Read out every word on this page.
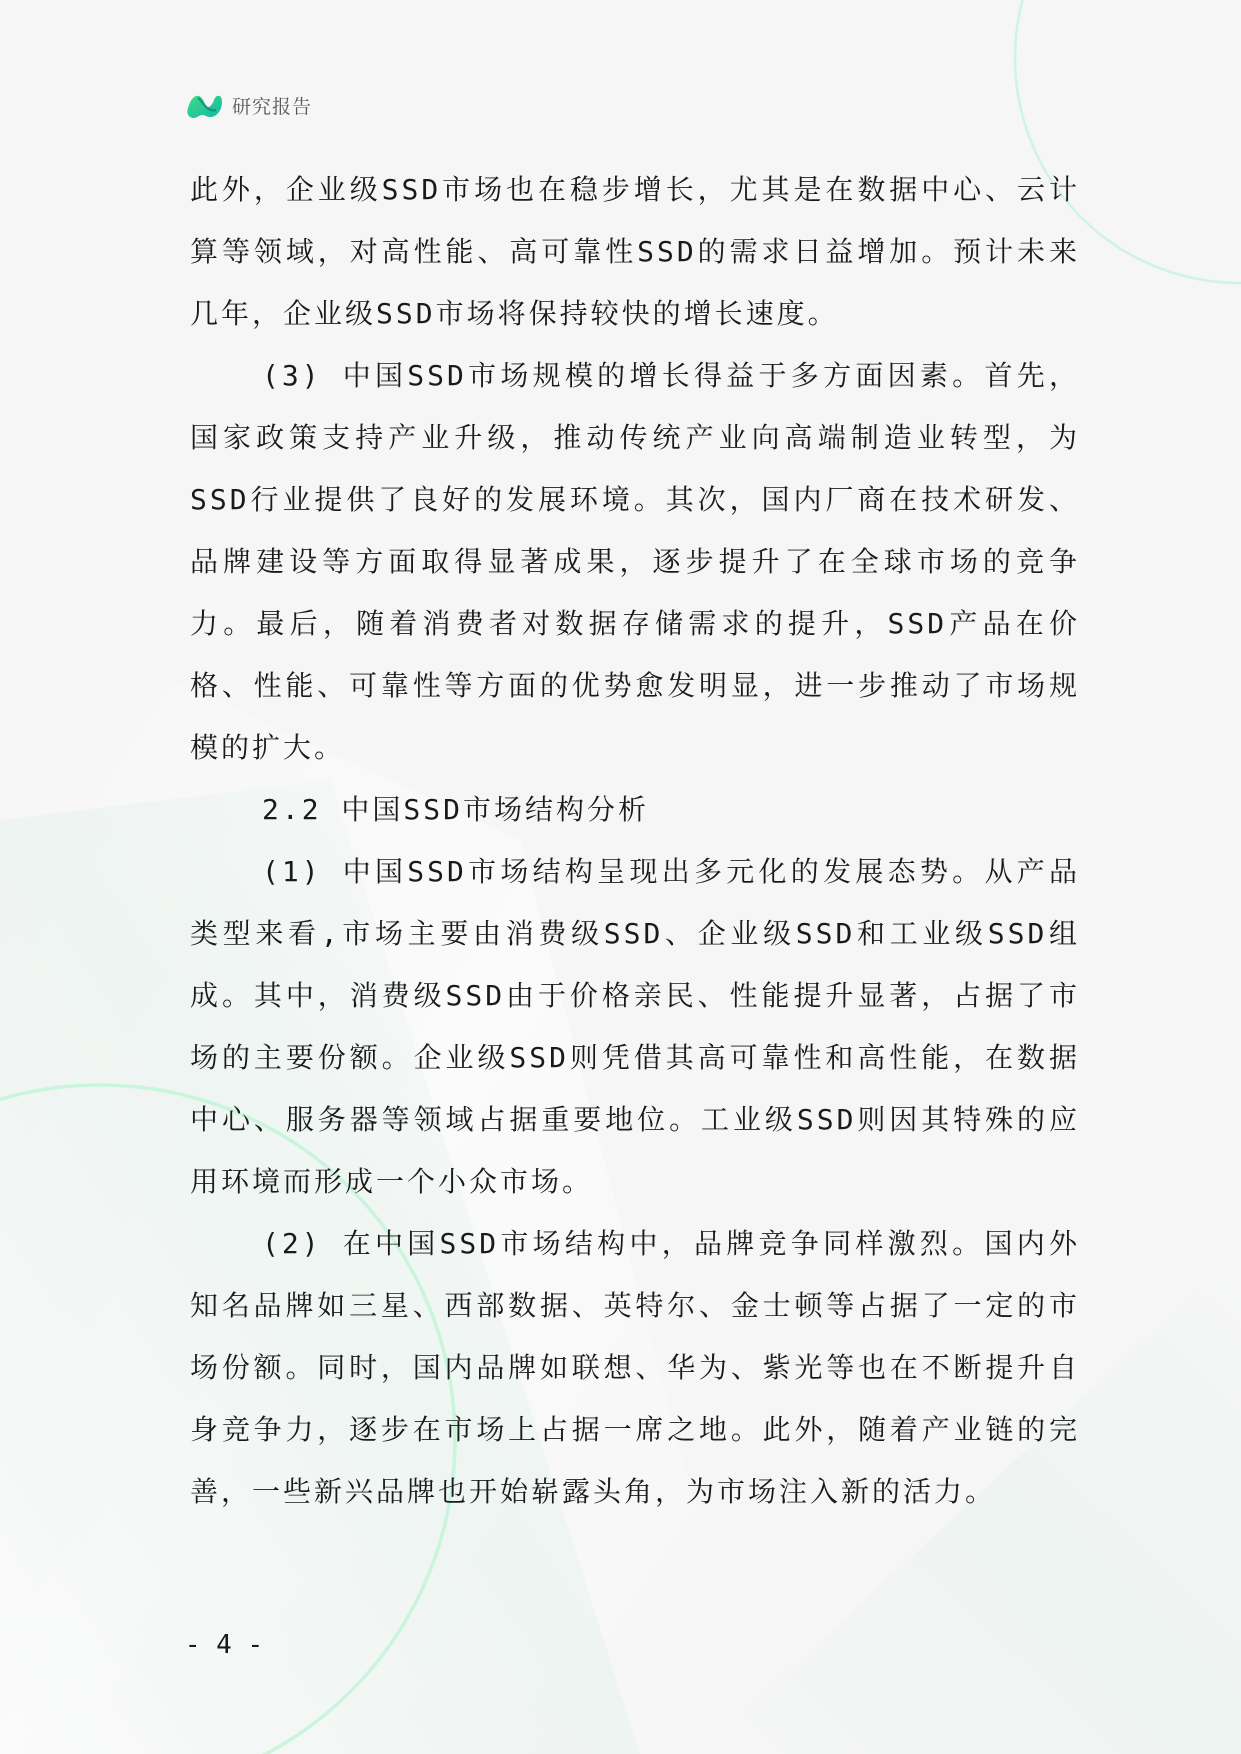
研究报告

此外，企业级SSD市场也在稳步增长，尤其是在数据中心、云计算等领域，对高性能、高可靠性SSD的需求日益增加。预计未来几年，企业级SSD市场将保持较快的增长速度。

(3) 中国SSD市场规模的增长得益于多方面因素。首先，国家政策支持产业升级，推动传统产业向高端制造业转型，为SSD行业提供了良好的发展环境。其次，国内厂商在技术研发、品牌建设等方面取得显著成果，逐步提升了在全球市场的竞争力。最后，随着消费者对数据存储需求的提升，SSD产品在价格、性能、可靠性等方面的优势愈发明显，进一步推动了市场规模的扩大。

2.2 中国SSD市场结构分析

(1) 中国SSD市场结构呈现出多元化的发展态势。从产品类型来看,市场主要由消费级SSD、企业级SSD和工业级SSD组成。其中，消费级SSD由于价格亲民、性能提升显著，占据了市场的主要份额。企业级SSD则凭借其高可靠性和高性能，在数据中心、服务器等领域占据重要地位。工业级SSD则因其特殊的应用环境而形成一个小众市场。

(2) 在中国SSD市场结构中，品牌竞争同样激烈。国内外知名品牌如三星、西部数据、英特尔、金士顿等占据了一定的市场份额。同时，国内品牌如联想、华为、紫光等也在不断提升自身竞争力，逐步在市场上占据一席之地。此外，随着产业链的完善，一些新兴品牌也开始崭露头角，为市场注入新的活力。

- 4 -
